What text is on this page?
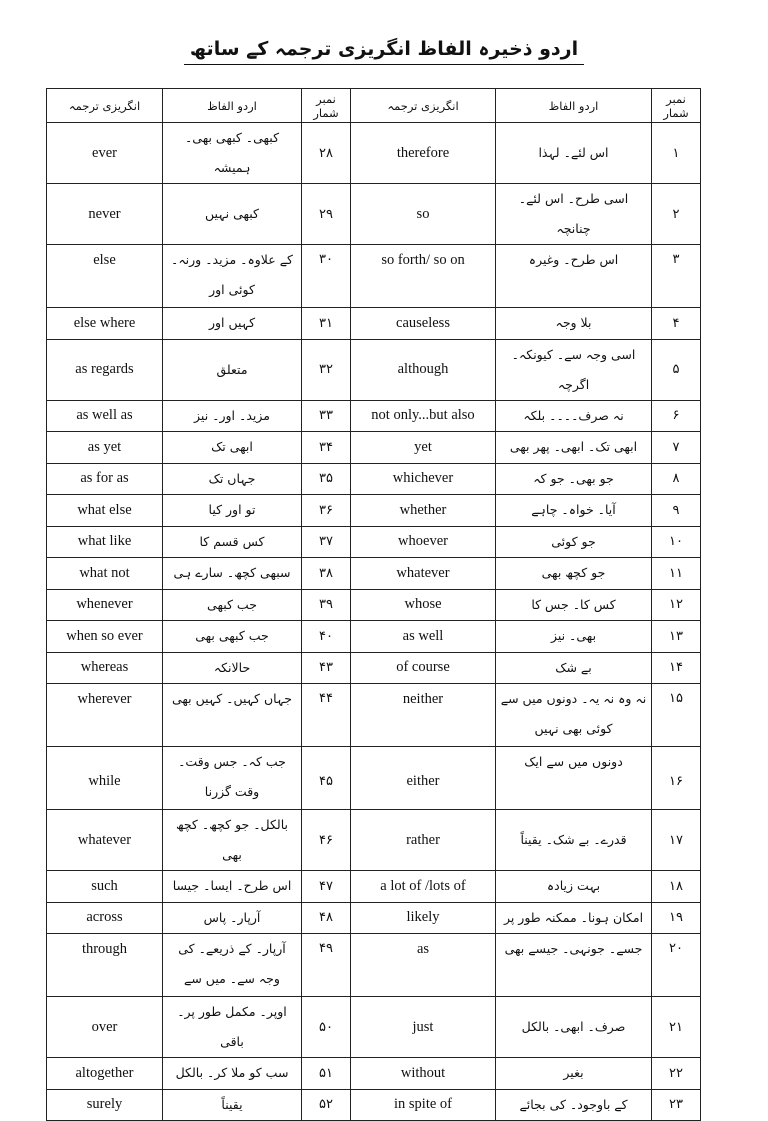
اردو ذخیرہ الفاظ انگریزی ترجمہ کے ساتھ
انگریزی ترجمہ	اردو الفاظ	نمبر شمار	انگریزی ترجمہ	اردو الفاظ	نمبر شمار
ever	کبھی۔ کبھی بھی۔ ہمیشہ	۲۸	therefore	اس لئے۔ لہذا	۱
never	کبھی نہیں	۲۹	so	اسی طرح۔ اس لئے۔ چنانچہ	۲
else	کے علاوہ۔ مزید۔ ورنہ۔ کوئی اور	۳۰	so forth/ so on	اس طرح۔ وغیرہ	۳
else where	کہیں اور	۳۱	causeless	بلا وجہ	۴
as regards	متعلق	۳۲	although	اسی وجہ سے۔ کیونکہ۔ اگرچہ	۵
as well as	مزید۔ اور۔ نیز	۳۳	not only...but also	نہ صرف۔۔۔۔ بلکہ	۶
as yet	ابھی تک	۳۴	yet	ابھی تک۔ ابھی۔ پھر بھی	۷
as for as	جہاں تک	۳۵	whichever	جو بھی۔ جو کہ	۸
what else	تو اور کیا	۳۶	whether	آیا۔ خواہ۔ چاہے	۹
what like	کس قسم کا	۳۷	whoever	جو کوئی	۱۰
what not	سبھی کچھ۔ سارے ہی	۳۸	whatever	جو کچھ بھی	۱۱
whenever	جب کبھی	۳۹	whose	کس کا۔ جس کا	۱۲
when so ever	جب کبھی بھی	۴۰	as well	بھی۔ نیز	۱۳
whereas	حالانکہ	۴۳	of course	بے شک	۱۴
wherever	جہاں کہیں۔ کہیں بھی	۴۴	neither	نہ وہ نہ یہ۔ دونوں میں سے کوئی بھی نہیں	۱۵
while	جب کہ۔ جس وقت۔ وقت گزرنا	۴۵	either	دونوں میں سے ایک	۱۶
whatever	بالکل۔ جو کچھ۔ کچھ بھی	۴۶	rather	قدرے۔ بے شک۔ یقیناً	۱۷
such	اس طرح۔ ایسا۔ جیسا	۴۷	a lot of /lots of	بہت زیادہ	۱۸
across	آرپار۔ پاس	۴۸	likely	امکان ہونا۔ ممکنہ طور پر	۱۹
through	آرپار۔ کے ذریعے۔ کی وجہ سے۔ میں سے	۴۹	as	جسے۔ جونہی۔ جیسے بھی	۲۰
over	اوپر۔ مکمل طور پر۔ باقی	۵۰	just	صرف۔ ابھی۔ بالکل	۲۱
altogether	سب کو ملا کر۔ بالکل	۵۱	without	بغیر	۲۲
surely	یقیناً	۵۲	in spite of	کے باوجود۔ کی بجائے	۲۳
